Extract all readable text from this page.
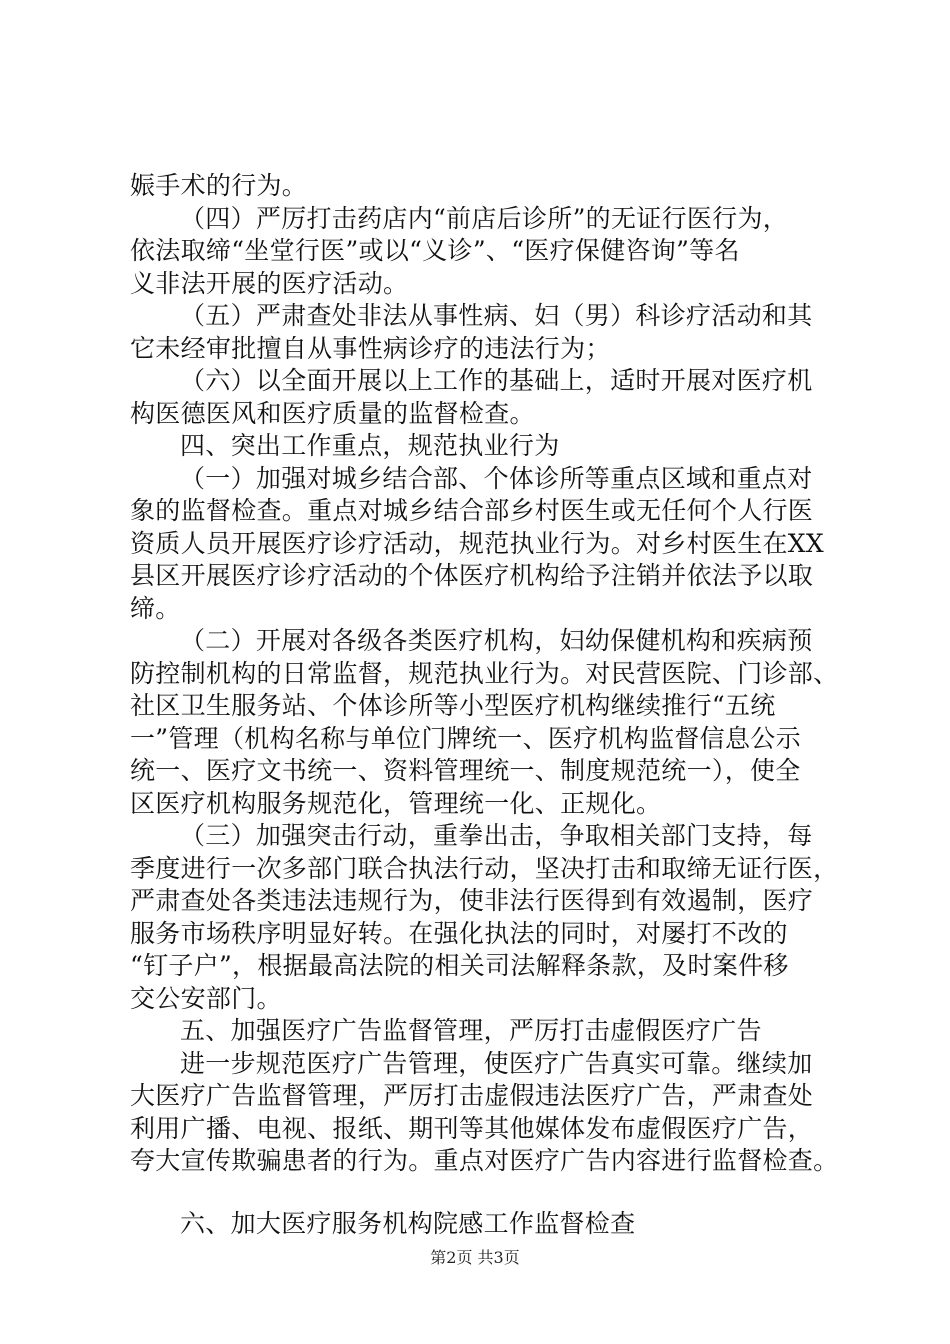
娠手术的行为。
（四）严厉打击药店内“前店后诊所”的无证行医行为，
依法取缔“坐堂行医”或以“义诊”、“医疗保健咨询”等名
义非法开展的医疗活动。
（五）严肃查处非法从事性病、妇（男）科诊疗活动和其
它未经审批擅自从事性病诊疗的违法行为；
（六）以全面开展以上工作的基础上，适时开展对医疗机
构医德医风和医疗质量的监督检查。
四、突出工作重点，规范执业行为
（一）加强对城乡结合部、个体诊所等重点区域和重点对
象的监督检查。重点对城乡结合部乡村医生或无任何个人行医
资质人员开展医疗诊疗活动，规范执业行为。对乡村医生在XX
县区开展医疗诊疗活动的个体医疗机构给予注销并依法予以取
缔。
（二）开展对各级各类医疗机构，妇幼保健机构和疾病预
防控制机构的日常监督，规范执业行为。对民营医院、门诊部、
社区卫生服务站、个体诊所等小型医疗机构继续推行“五统
一”管理（机构名称与单位门牌统一、医疗机构监督信息公示
统一、医疗文书统一、资料管理统一、制度规范统一），使全
区医疗机构服务规范化，管理统一化、正规化。
（三）加强突击行动，重拳出击，争取相关部门支持，每
季度进行一次多部门联合执法行动，坚决打击和取缔无证行医，
严肃查处各类违法违规行为，使非法行医得到有效遏制，医疗
服务市场秩序明显好转。在强化执法的同时，对屡打不改的
“钉子户”，根据最高法院的相关司法解释条款，及时案件移
交公安部门。
五、加强医疗广告监督管理，严厉打击虚假医疗广告
进一步规范医疗广告管理，使医疗广告真实可靠。继续加
大医疗广告监督管理，严厉打击虚假违法医疗广告，严肃查处
利用广播、电视、报纸、期刊等其他媒体发布虚假医疗广告，
夸大宣传欺骗患者的行为。重点对医疗广告内容进行监督检查。
六、加大医疗服务机构院感工作监督检查
第2页 共3页
